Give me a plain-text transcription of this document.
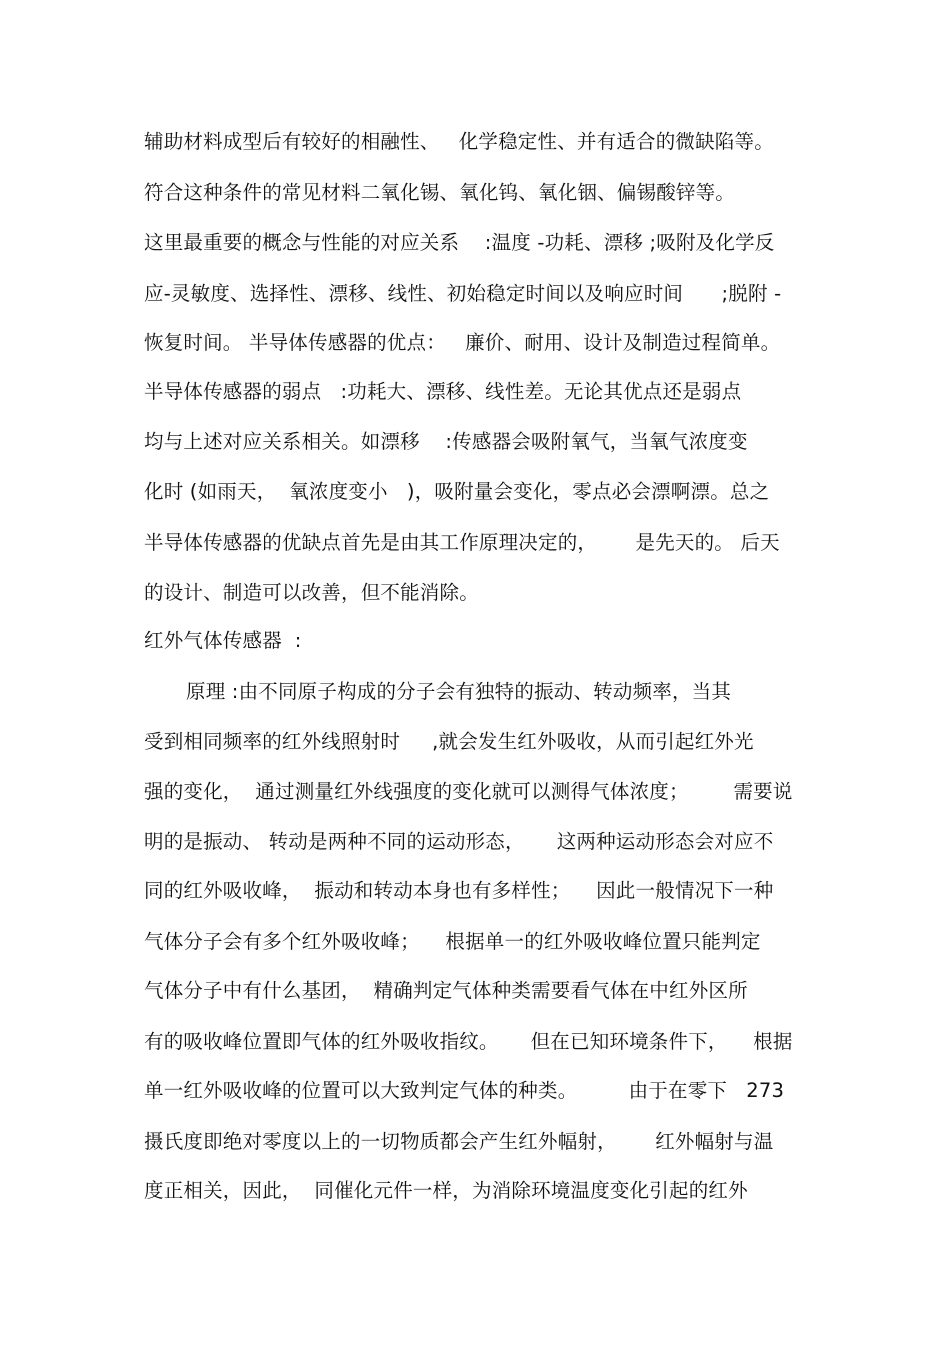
辅助材料成型后有较好的相融性、   化学稳定性、并有适合的微缺陷等。
符合这种条件的常见材料二氧化锡、氧化钨、氧化铟、偏锡酸锌等。
这里最重要的概念与性能的对应关系    :温度 -功耗、漂移 ;吸附及化学反
应-灵敏度、选择性、漂移、线性、初始稳定时间以及响应时间      ;脱附 -
恢复时间。 半导体传感器的优点：   廉价、耐用、设计及制造过程简单。
半导体传感器的弱点   :功耗大、漂移、线性差。无论其优点还是弱点
均与上述对应关系相关。如漂移    :传感器会吸附氧气，当氧气浓度变
化时 (如雨天，  氧浓度变小   )，吸附量会变化，零点必会漂啊漂。总之
半导体传感器的优缺点首先是由其工作原理决定的，      是先天的。 后天
的设计、制造可以改善，但不能消除。
红外气体传感器  :
原理 :由不同原子构成的分子会有独特的振动、转动频率，当其
受到相同频率的红外线照射时     ,就会发生红外吸收，从而引起红外光
强的变化，  通过测量红外线强度的变化就可以测得气体浓度；       需要说
明的是振动、 转动是两种不同的运动形态，     这两种运动形态会对应不
同的红外吸收峰，  振动和转动本身也有多样性；    因此一般情况下一种
气体分子会有多个红外吸收峰；    根据单一的红外吸收峰位置只能判定
气体分子中有什么基团，  精确判定气体种类需要看气体在中红外区所
有的吸收峰位置即气体的红外吸收指纹。     但在已知环境条件下，    根据
单一红外吸收峰的位置可以大致判定气体的种类。        由于在零下   273
摄氏度即绝对零度以上的一切物质都会产生红外幅射，      红外幅射与温
度正相关，因此，  同催化元件一样，为消除环境温度变化引起的红外
